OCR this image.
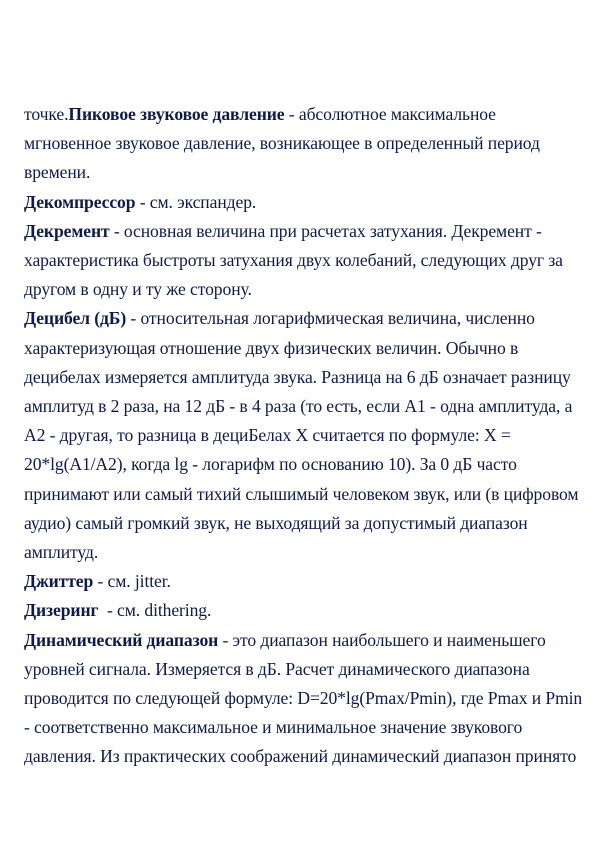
точке.Пиковое звуковое давление - абсолютное максимальное мгновенное звуковое давление, возникающее в определенный период времени.

Декомпрессор - см. экспандер.

Декремент - основная величина при расчетах затухания. Декремент - характеристика быстроты затухания двух колебаний, следующих друг за другом в одну и ту же сторону.

Децибел (дБ) - относительная логарифмическая величина, численно характеризующая отношение двух физических величин. Обычно в децибелах измеряется амплитуда звука. Разница на 6 дБ означает разницу амплитуд в 2 раза, на 12 дБ - в 4 раза (то есть, если А1 - одна амплитуда, а А2 - другая, то разница в дециБелах Х считается по формуле: Х = 20*lg(А1/А2), когда lg - логарифм по основанию 10). За 0 дБ часто принимают или самый тихий слышимый человеком звук, или (в цифровом аудио) самый громкий звук, не выходящий за допустимый диапазон амплитуд.

Джиттер - см. jitter.

Дизеринг  - см. dithering.

Динамический диапазон - это диапазон наибольшего и наименьшего уровней сигнала. Измеряется в дБ. Расчет динамического диапазона проводится по следующей формуле: D=20*lg(Pmax/Pmin), где Pmax и Pmin - соответственно максимальное и минимальное значение звукового давления. Из практических соображений динамический диапазон принято
